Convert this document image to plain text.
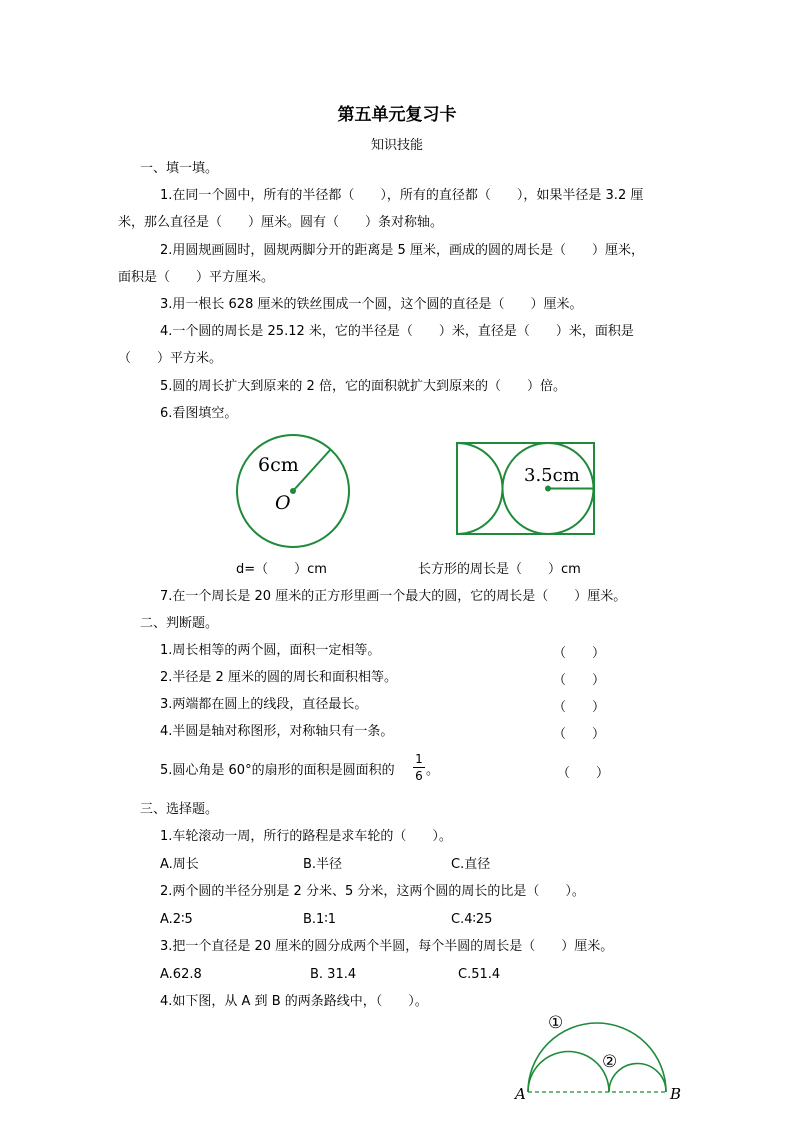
第五单元复习卡
知识技能
一、填一填。
1.在同一个圆中，所有的半径都（　　），所有的直径都（　　），如果半径是 3.2 厘
米，那么直径是（　　）厘米。圆有（　　）条对称轴。
2.用圆规画圆时，圆规两脚分开的距离是 5 厘米，画成的圆的周长是（　　）厘米，
面积是（　　）平方厘米。
3.用一根长 628 厘米的铁丝围成一个圆，这个圆的直径是（　　）厘米。
4.一个圆的周长是 25.12 米，它的半径是（　　）米，直径是（　　）米，面积是
（　　）平方米。
5.圆的周长扩大到原来的 2 倍，它的面积就扩大到原来的（　　）倍。
6.看图填空。
6cm
O
3.5cm
d=（　　）cm	长方形的周长是（　　）cm
7.在一个周长是 20 厘米的正方形里画一个最大的圆，它的周长是（　　）厘米。
二、判断题。
1.周长相等的两个圆，面积一定相等。	（　　）
2.半径是 2 厘米的圆的周长和面积相等。	（　　）
3.两端都在圆上的线段，直径最长。	（　　）
4.半圆是轴对称图形，对称轴只有一条。	（　　）
5.圆心角是 60°的扇形的面积是圆面积的
1
6 。	（　　）
三、选择题。
1.车轮滚动一周，所行的路程是求车轮的（　　）。
A.周长	B.半径	C.直径
2.两个圆的半径分别是 2 分米、5 分米，这两个圆的周长的比是（　　）。
A.2∶5	B.1∶1	C.4∶25
3.把一个直径是 20 厘米的圆分成两个半圆，每个半圆的周长是（　　）厘米。
A.62.8	B. 31.4	C.51.4
4.如下图，从 A 到 B 的两条路线中，（　　）。
①
②
A	B
